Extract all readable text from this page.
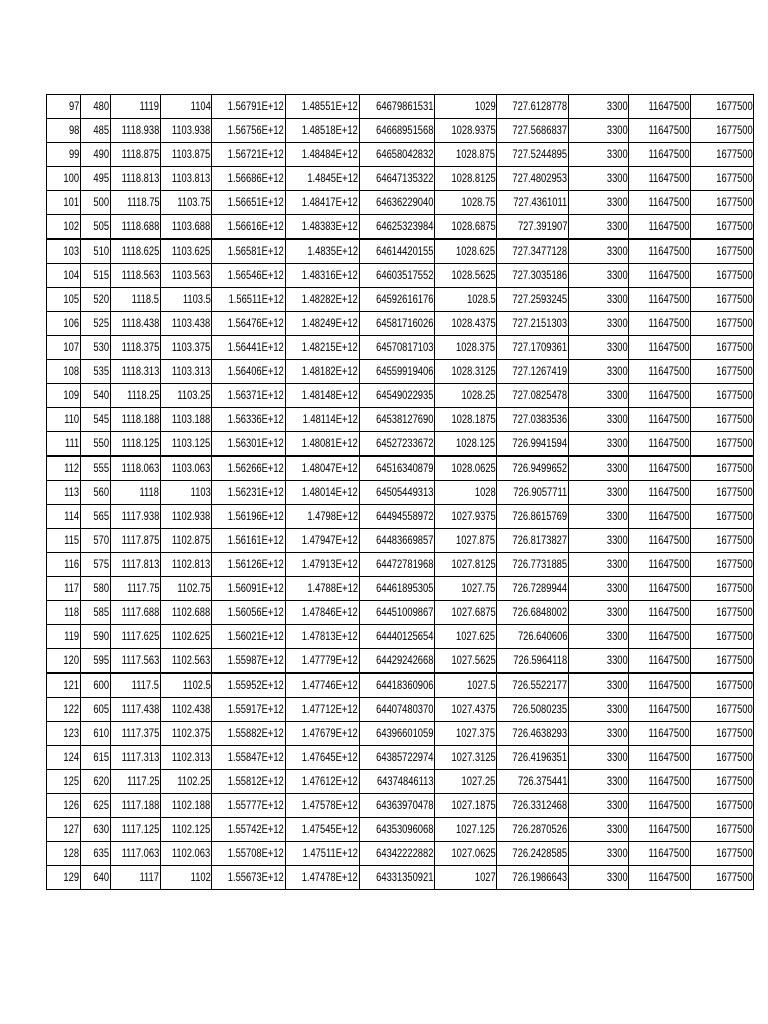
97	480	1119	1104	1.56791E+12	1.48551E+12	64679861531	1029	727.6128778	3300	11647500	1677500
98	485	1118.938	1103.938	1.56756E+12	1.48518E+12	64668951568	1028.9375	727.5686837	3300	11647500	1677500
99	490	1118.875	1103.875	1.56721E+12	1.48484E+12	64658042832	1028.875	727.5244895	3300	11647500	1677500
100	495	1118.813	1103.813	1.56686E+12	1.4845E+12	64647135322	1028.8125	727.4802953	3300	11647500	1677500
101	500	1118.75	1103.75	1.56651E+12	1.48417E+12	64636229040	1028.75	727.4361011	3300	11647500	1677500
102	505	1118.688	1103.688	1.56616E+12	1.48383E+12	64625323984	1028.6875	727.391907	3300	11647500	1677500
103	510	1118.625	1103.625	1.56581E+12	1.4835E+12	64614420155	1028.625	727.3477128	3300	11647500	1677500
104	515	1118.563	1103.563	1.56546E+12	1.48316E+12	64603517552	1028.5625	727.3035186	3300	11647500	1677500
105	520	1118.5	1103.5	1.56511E+12	1.48282E+12	64592616176	1028.5	727.2593245	3300	11647500	1677500
106	525	1118.438	1103.438	1.56476E+12	1.48249E+12	64581716026	1028.4375	727.2151303	3300	11647500	1677500
107	530	1118.375	1103.375	1.56441E+12	1.48215E+12	64570817103	1028.375	727.1709361	3300	11647500	1677500
108	535	1118.313	1103.313	1.56406E+12	1.48182E+12	64559919406	1028.3125	727.1267419	3300	11647500	1677500
109	540	1118.25	1103.25	1.56371E+12	1.48148E+12	64549022935	1028.25	727.0825478	3300	11647500	1677500
110	545	1118.188	1103.188	1.56336E+12	1.48114E+12	64538127690	1028.1875	727.0383536	3300	11647500	1677500
111	550	1118.125	1103.125	1.56301E+12	1.48081E+12	64527233672	1028.125	726.9941594	3300	11647500	1677500
112	555	1118.063	1103.063	1.56266E+12	1.48047E+12	64516340879	1028.0625	726.9499652	3300	11647500	1677500
113	560	1118	1103	1.56231E+12	1.48014E+12	64505449313	1028	726.9057711	3300	11647500	1677500
114	565	1117.938	1102.938	1.56196E+12	1.4798E+12	64494558972	1027.9375	726.8615769	3300	11647500	1677500
115	570	1117.875	1102.875	1.56161E+12	1.47947E+12	64483669857	1027.875	726.8173827	3300	11647500	1677500
116	575	1117.813	1102.813	1.56126E+12	1.47913E+12	64472781968	1027.8125	726.7731885	3300	11647500	1677500
117	580	1117.75	1102.75	1.56091E+12	1.4788E+12	64461895305	1027.75	726.7289944	3300	11647500	1677500
118	585	1117.688	1102.688	1.56056E+12	1.47846E+12	64451009867	1027.6875	726.6848002	3300	11647500	1677500
119	590	1117.625	1102.625	1.56021E+12	1.47813E+12	64440125654	1027.625	726.640606	3300	11647500	1677500
120	595	1117.563	1102.563	1.55987E+12	1.47779E+12	64429242668	1027.5625	726.5964118	3300	11647500	1677500
121	600	1117.5	1102.5	1.55952E+12	1.47746E+12	64418360906	1027.5	726.5522177	3300	11647500	1677500
122	605	1117.438	1102.438	1.55917E+12	1.47712E+12	64407480370	1027.4375	726.5080235	3300	11647500	1677500
123	610	1117.375	1102.375	1.55882E+12	1.47679E+12	64396601059	1027.375	726.4638293	3300	11647500	1677500
124	615	1117.313	1102.313	1.55847E+12	1.47645E+12	64385722974	1027.3125	726.4196351	3300	11647500	1677500
125	620	1117.25	1102.25	1.55812E+12	1.47612E+12	64374846113	1027.25	726.375441	3300	11647500	1677500
126	625	1117.188	1102.188	1.55777E+12	1.47578E+12	64363970478	1027.1875	726.3312468	3300	11647500	1677500
127	630	1117.125	1102.125	1.55742E+12	1.47545E+12	64353096068	1027.125	726.2870526	3300	11647500	1677500
128	635	1117.063	1102.063	1.55708E+12	1.47511E+12	64342222882	1027.0625	726.2428585	3300	11647500	1677500
129	640	1117	1102	1.55673E+12	1.47478E+12	64331350921	1027	726.1986643	3300	11647500	1677500
